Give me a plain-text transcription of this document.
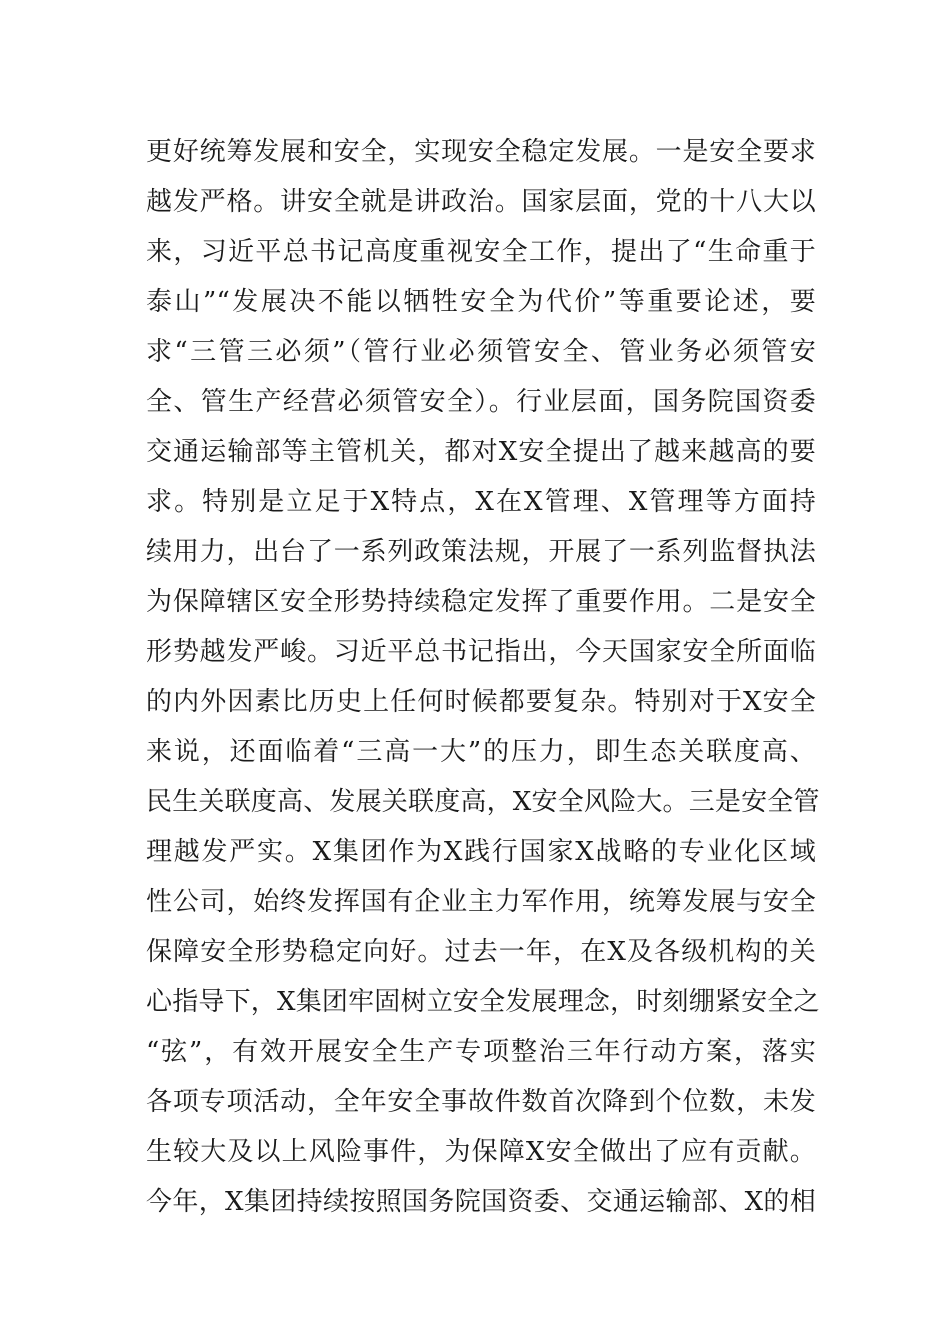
更好统筹发展和安全，实现安全稳定发展。一是安全要求
越发严格。讲安全就是讲政治。国家层面，党的十八大以
来，习近平总书记高度重视安全工作，提出了“生命重于
泰山”“发展决不能以牺牲安全为代价”等重要论述，要
求“三管三必须”（管行业必须管安全、管业务必须管安
全、管生产经营必须管安全）。行业层面，国务院国资委
交通运输部等主管机关，都对X安全提出了越来越高的要
求。特别是立足于X特点，X在X管理、X管理等方面持
续用力，出台了一系列政策法规，开展了一系列监督执法
为保障辖区安全形势持续稳定发挥了重要作用。二是安全
形势越发严峻。习近平总书记指出，今天国家安全所面临
的内外因素比历史上任何时候都要复杂。特别对于X安全
来说，还面临着“三高一大”的压力，即生态关联度高、
民生关联度高、发展关联度高，X安全风险大。三是安全管
理越发严实。X集团作为X践行国家X战略的专业化区域
性公司，始终发挥国有企业主力军作用，统筹发展与安全
保障安全形势稳定向好。过去一年，在X及各级机构的关
心指导下，X集团牢固树立安全发展理念，时刻绷紧安全之
“弦”，有效开展安全生产专项整治三年行动方案，落实
各项专项活动，全年安全事故件数首次降到个位数，未发
生较大及以上风险事件，为保障X安全做出了应有贡献。
今年，X集团持续按照国务院国资委、交通运输部、X的相
